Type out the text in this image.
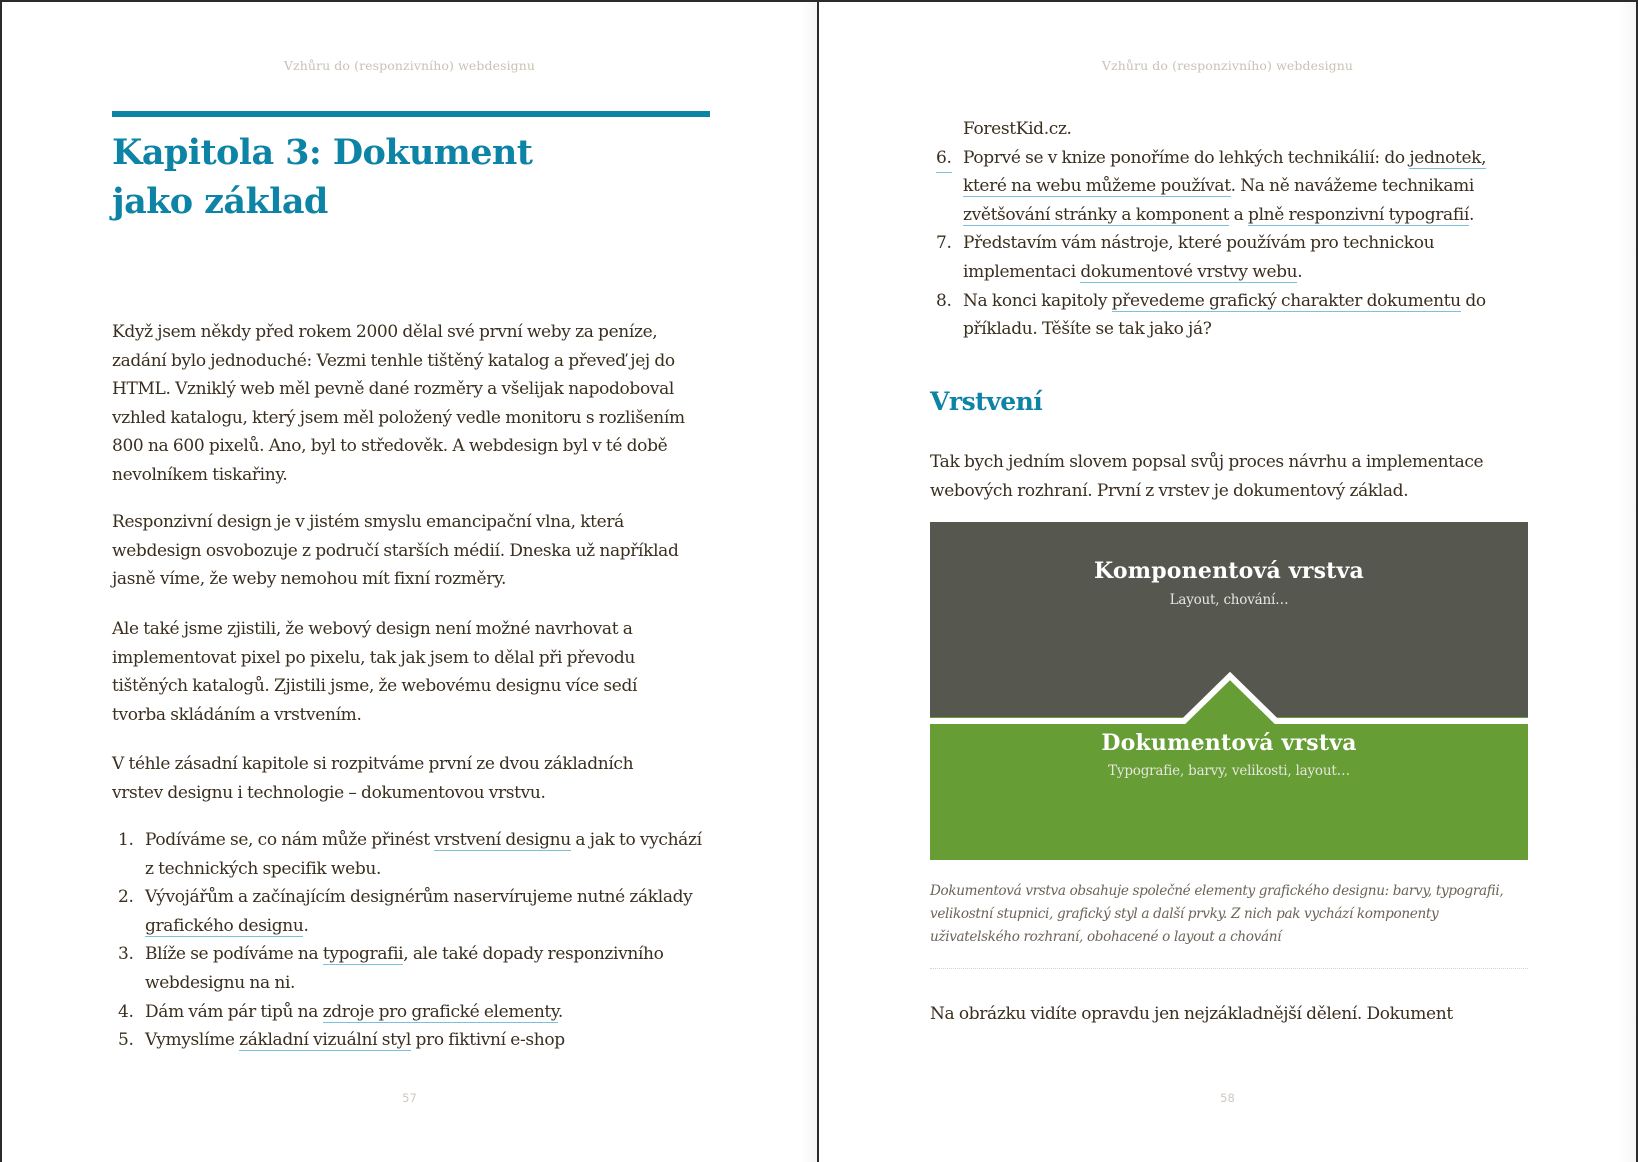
Vzhůru do (responzivního) webdesignu
Kapitola 3: Dokument
jako základ

Když jsem někdy před rokem 2000 dělal své první weby za peníze, zadání bylo jednoduché: Vezmi tenhle tištěný katalog a převeď jej do HTML. Vzniklý web měl pevně dané rozměry a všelijak napodoboval vzhled katalogu, který jsem měl položený vedle monitoru s rozlišením 800 na 600 pixelů. Ano, byl to středověk. A webdesign byl v té době nevolníkem tiskařiny.

Responzivní design je v jistém smyslu emancipační vlna, která webdesign osvobozuje z područí starších médií. Dneska už například jasně víme, že weby nemohou mít fixní rozměry.

Ale také jsme zjistili, že webový design není možné navrhovat a implementovat pixel po pixelu, tak jak jsem to dělal při převodu tištěných katalogů. Zjistili jsme, že webovému designu více sedí tvorba skládáním a vrstvením.

V téhle zásadní kapitole si rozpitváme první ze dvou základních vrstev designu i technologie – dokumentovou vrstvu.

1. Podíváme se, co nám může přinést vrstvení designu a jak to vychází z technických specifik webu.
2. Vývojářům a začínajícím designérům naservírujeme nutné základy grafického designu.
3. Blíže se podíváme na typografii, ale také dopady responzivního webdesignu na ni.
4. Dám vám pár tipů na zdroje pro grafické elementy.
5. Vymyslíme základní vizuální styl pro fiktivní e-shop
57
Vzhůru do (responzivního) webdesignu
ForestKid.cz.
6. Poprvé se v knize ponoříme do lehkých technikálií: do jednotek, které na webu můžeme používat. Na ně navážeme technikami zvětšování stránky a komponent a plně responzivní typografií.
7. Představím vám nástroje, které používám pro technickou implementaci dokumentové vrstvy webu.
8. Na konci kapitoly převedeme grafický charakter dokumentu do příkladu. Těšíte se tak jako já?
Vrstvení

Tak bych jedním slovem popsal svůj proces návrhu a implementace webových rozhraní. První z vrstev je dokumentový základ.

Komponentová vrstva
Layout, chování…
Dokumentová vrstva
Typografie, barvy, velikosti, layout…

Dokumentová vrstva obsahuje společné elementy grafického designu: barvy, typografii, velikostní stupnici, grafický styl a další prvky. Z nich pak vychází komponenty uživatelského rozhraní, obohacené o layout a chování

Na obrázku vidíte opravdu jen nejzákladnější dělení. Dokument

58
